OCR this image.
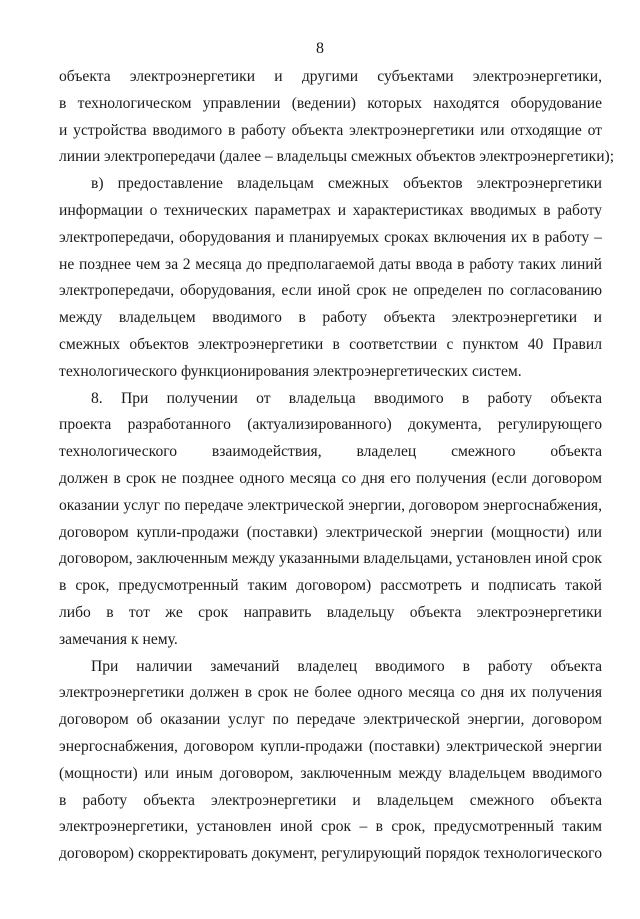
8
объекта электроэнергетики и другими субъектами электроэнергетики,
в технологическом управлении (ведении) которых находятся оборудование
и устройства вводимого в работу объекта электроэнергетики или отходящие от
линии электропередачи (далее – владельцы смежных объектов электроэнергетики);
в) предоставление владельцам смежных объектов электроэнергетики
информации о технических параметрах и характеристиках вводимых в работу
электропередачи, оборудования и планируемых сроках включения их в работу –
не позднее чем за 2 месяца до предполагаемой даты ввода в работу таких линий
электропередачи, оборудования, если иной срок не определен по согласованию
между владельцем вводимого в работу объекта электроэнергетики и
смежных объектов электроэнергетики в соответствии с пунктом 40 Правил
технологического функционирования электроэнергетических систем.
8. При получении от владельца вводимого в работу объекта
проекта разработанного (актуализированного) документа, регулирующего
технологического взаимодействия, владелец смежного объекта
должен в срок не позднее одного месяца со дня его получения (если договором
оказании услуг по передаче электрической энергии, договором энергоснабжения,
договором купли-продажи (поставки) электрической энергии (мощности) или
договором, заключенным между указанными владельцами, установлен иной срок
в срок, предусмотренный таким договором) рассмотреть и подписать такой
либо в тот же срок направить владельцу объекта электроэнергетики
замечания к нему.
При наличии замечаний владелец вводимого в работу объекта
электроэнергетики должен в срок не более одного месяца со дня их получения
договором об оказании услуг по передаче электрической энергии, договором
энергоснабжения, договором купли-продажи (поставки) электрической энергии
(мощности) или иным договором, заключенным между владельцем вводимого
в работу объекта электроэнергетики и владельцем смежного объекта
электроэнергетики, установлен иной срок – в срок, предусмотренный таким
договором) скорректировать документ, регулирующий порядок технологического
